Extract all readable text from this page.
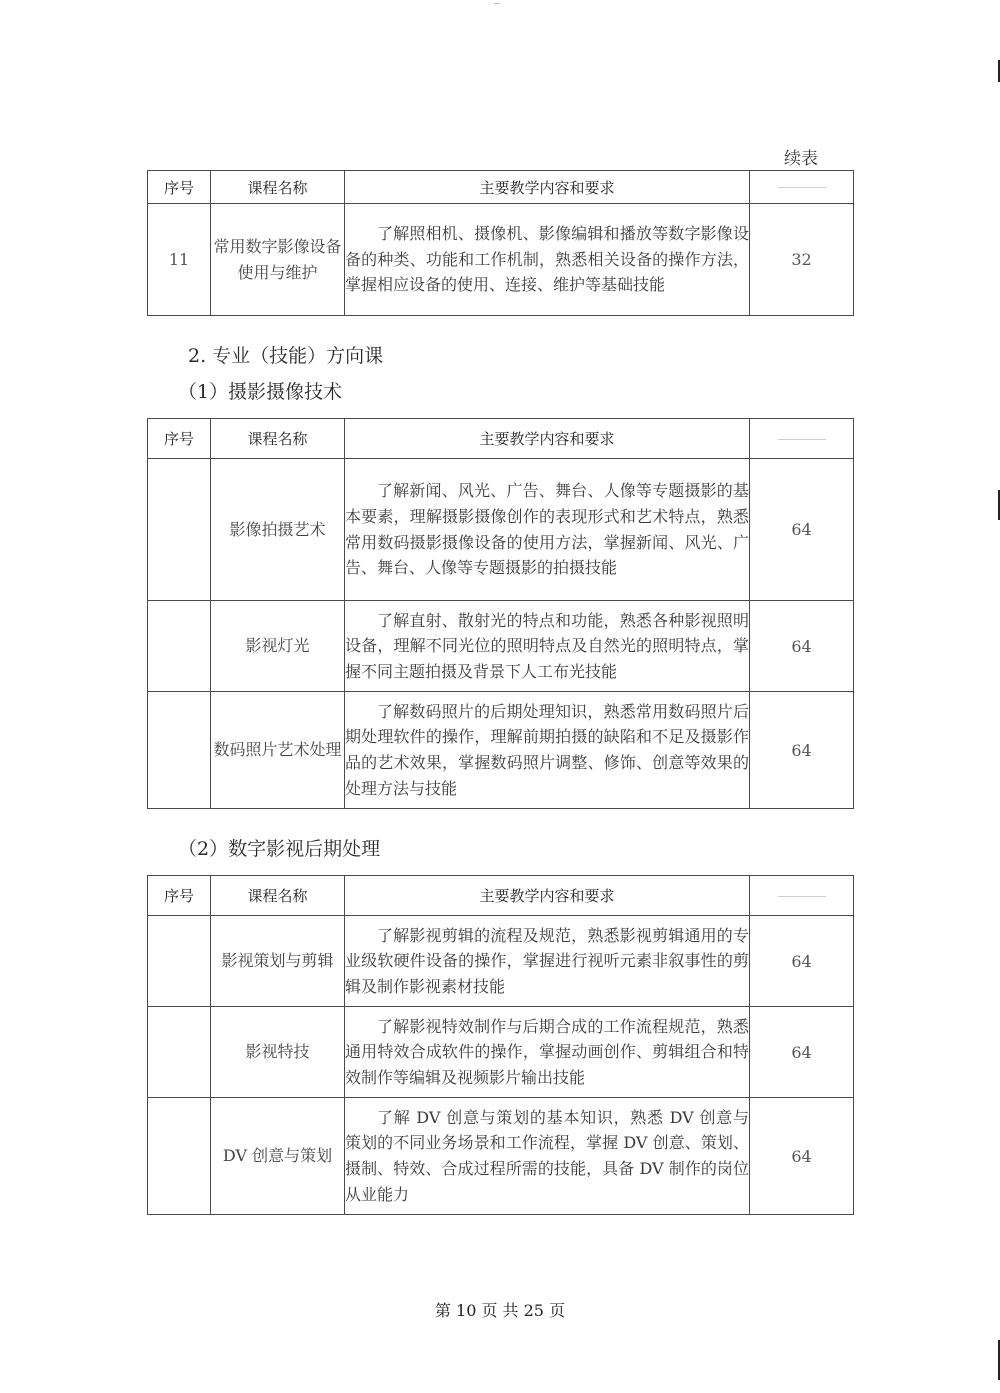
续表
序号	课程名称	主要教学内容和要求	
11	常用数字影像设备使用与维护	了解照相机、摄像机、影像编辑和播放等数字影像设备的种类、功能和工作机制，熟悉相关设备的操作方法，掌握相应设备的使用、连接、维护等基础技能	32
2. 专业（技能）方向课
（1）摄影摄像技术
序号	课程名称	主要教学内容和要求	
	影像拍摄艺术	了解新闻、风光、广告、舞台、人像等专题摄影的基本要素，理解摄影摄像创作的表现形式和艺术特点，熟悉常用数码摄影摄像设备的使用方法，掌握新闻、风光、广告、舞台、人像等专题摄影的拍摄技能	64
	影视灯光	了解直射、散射光的特点和功能，熟悉各种影视照明设备，理解不同光位的照明特点及自然光的照明特点，掌握不同主题拍摄及背景下人工布光技能	64
	数码照片艺术处理	了解数码照片的后期处理知识，熟悉常用数码照片后期处理软件的操作，理解前期拍摄的缺陷和不足及摄影作品的艺术效果，掌握数码照片调整、修饰、创意等效果的处理方法与技能	64
（2）数字影视后期处理
序号	课程名称	主要教学内容和要求	
	影视策划与剪辑	了解影视剪辑的流程及规范，熟悉影视剪辑通用的专业级软硬件设备的操作，掌握进行视听元素非叙事性的剪辑及制作影视素材技能	64
	影视特技	了解影视特效制作与后期合成的工作流程规范，熟悉通用特效合成软件的操作，掌握动画创作、剪辑组合和特效制作等编辑及视频影片输出技能	64
	DV 创意与策划	了解 DV 创意与策划的基本知识，熟悉 DV 创意与策划的不同业务场景和工作流程，掌握 DV 创意、策划、摄制、特效、合成过程所需的技能，具备 DV 制作的岗位从业能力	64
第 10 页 共 25 页
